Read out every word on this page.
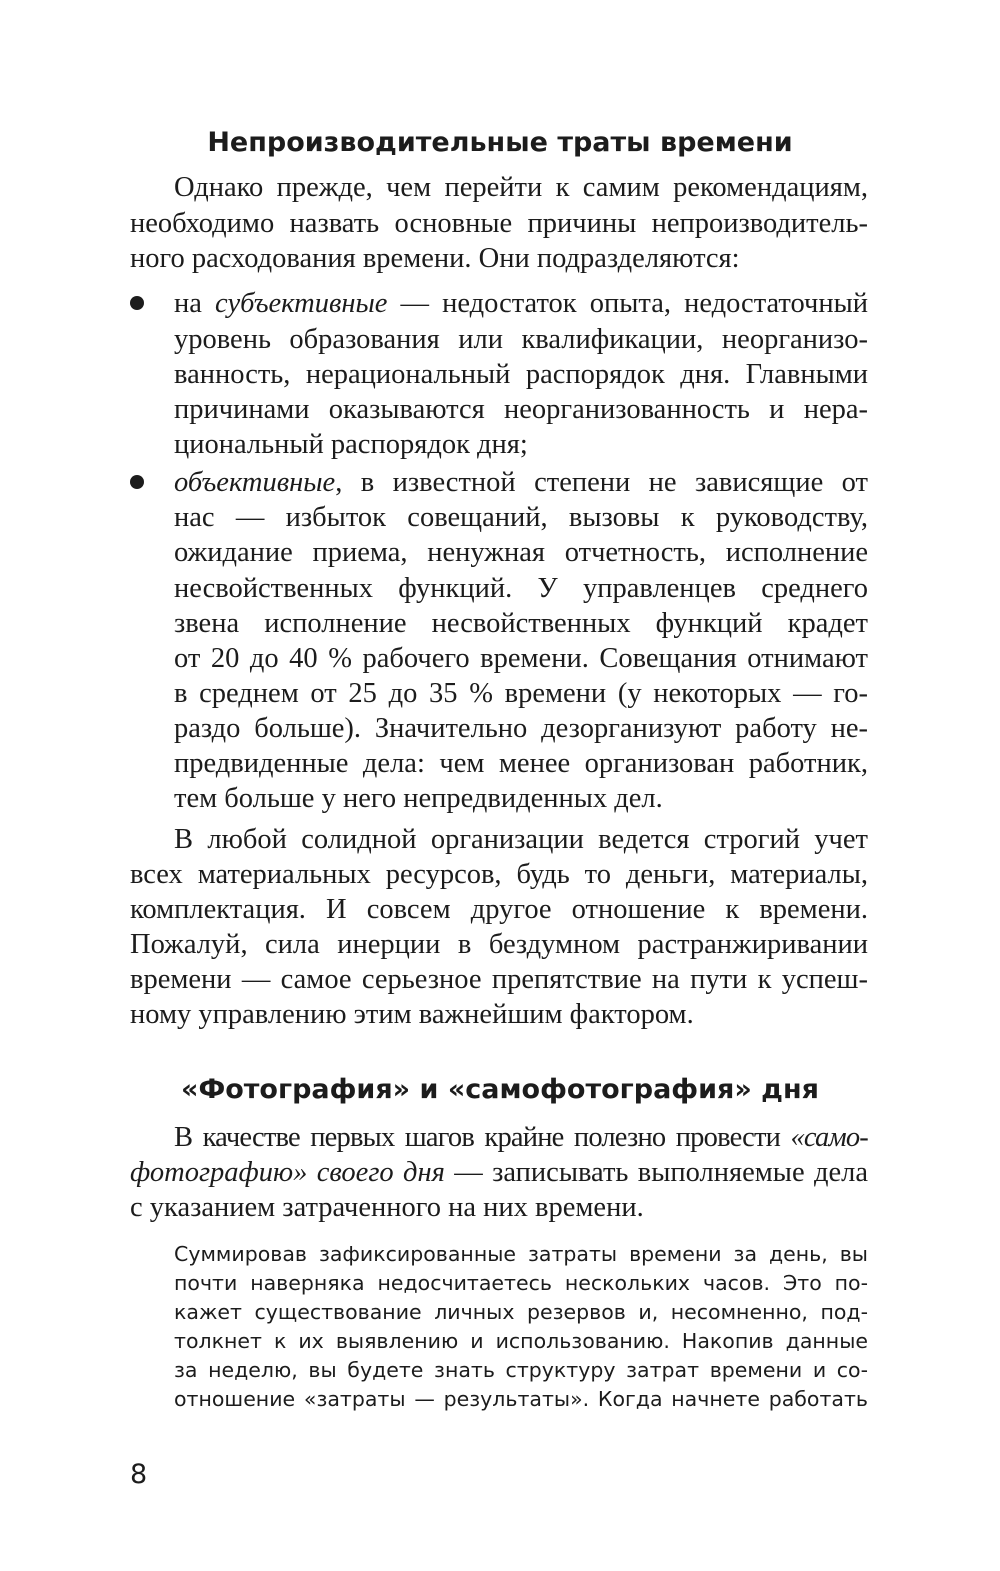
Непроизводительные траты времени

Однако прежде, чем перейти к самим рекомендациям,

необходимо назвать основные причины непроизводитель-

ного расходования времени. Они подразделяются:

на субъективные — недостаток опыта, недостаточный

уровень образования или квалификации, неорганизо-

ванность, нерациональный распорядок дня. Главными

причинами оказываются неорганизованность и нера-

циональный распорядок дня;

объективные, в известной степени не зависящие от

нас — избыток совещаний, вызовы к руководству,

ожидание приема, ненужная отчетность, исполнение

несвойственных функций. У управленцев среднего

звена исполнение несвойственных функций крадет

от 20 до 40 % рабочего времени. Совещания отнимают

в среднем от 25 до 35 % времени (у некоторых — го-

раздо больше). Значительно дезорганизуют работу не-

предвиденные дела: чем менее организован работник,

тем больше у него непредвиденных дел.

В любой солидной организации ведется строгий учет

всех материальных ресурсов, будь то деньги, материалы,

комплектация. И совсем другое отношение к времени.

Пожалуй, сила инерции в бездумном растранжиривании

времени — самое серьезное препятствие на пути к успеш-

ному управлению этим важнейшим фактором.

«Фотография» и «самофотография» дня

В качестве первых шагов крайне полезно провести «само-

фотографию» своего дня — записывать выполняемые дела

с указанием затраченного на них времени.

Суммировав зафиксированные затраты времени за день, вы

почти наверняка недосчитаетесь нескольких часов. Это по-

кажет существование личных резервов и, несомненно, под-

толкнет к их выявлению и использованию. Накопив данные

за неделю, вы будете знать структуру затрат времени и со-

отношение «затраты — результаты». Когда начнете работать

8
